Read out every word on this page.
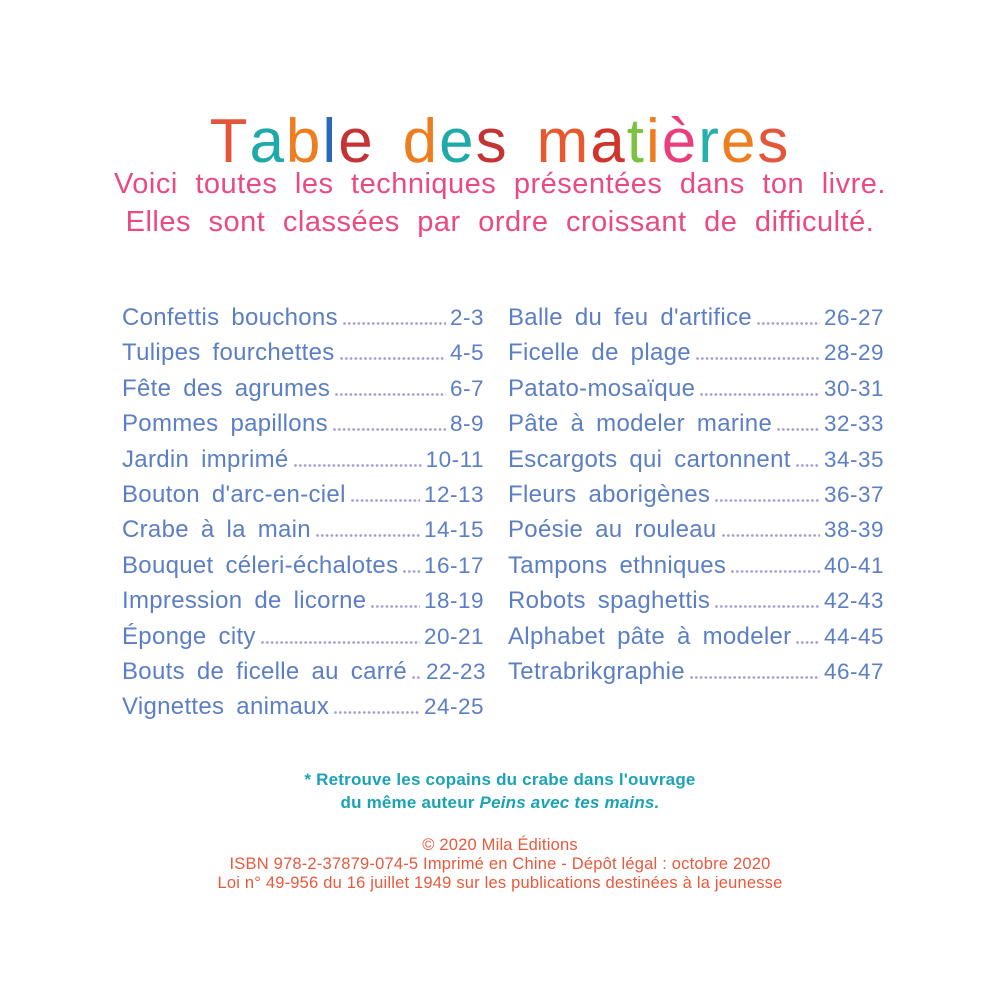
Table des matières
Voici toutes les techniques présentées dans ton livre.
Elles sont classées par ordre croissant de difficulté.
Confettis bouchons	2-3
Tulipes fourchettes	4-5
Fête des agrumes	6-7
Pommes papillons	8-9
Jardin imprimé	10-11
Bouton d'arc-en-ciel	12-13
Crabe à la main	14-15
Bouquet céleri-échalotes 16-17
Impression de licorne	18-19
Éponge city	20-21
Bouts de ficelle au carré 22-23
Vignettes animaux	24-25
Balle du feu d'artifice	26-27
Ficelle de plage	28-29
Patato-mosaïque	30-31
Pâte à modeler marine 32-33
Escargots qui cartonnent 34-35
Fleurs aborigènes	36-37
Poésie au rouleau	38-39
Tampons ethniques	40-41
Robots spaghettis	42-43
Alphabet pâte à modeler 44-45
Tetrabrikgraphie	46-47
* Retrouve les copains du crabe dans l'ouvrage
du même auteur Peins avec tes mains.
© 2020 Mila Éditions
ISBN 978-2-37879-074-5 Imprimé en Chine - Dépôt légal : octobre 2020
Loi n° 49-956 du 16 juillet 1949 sur les publications destinées à la jeunesse
